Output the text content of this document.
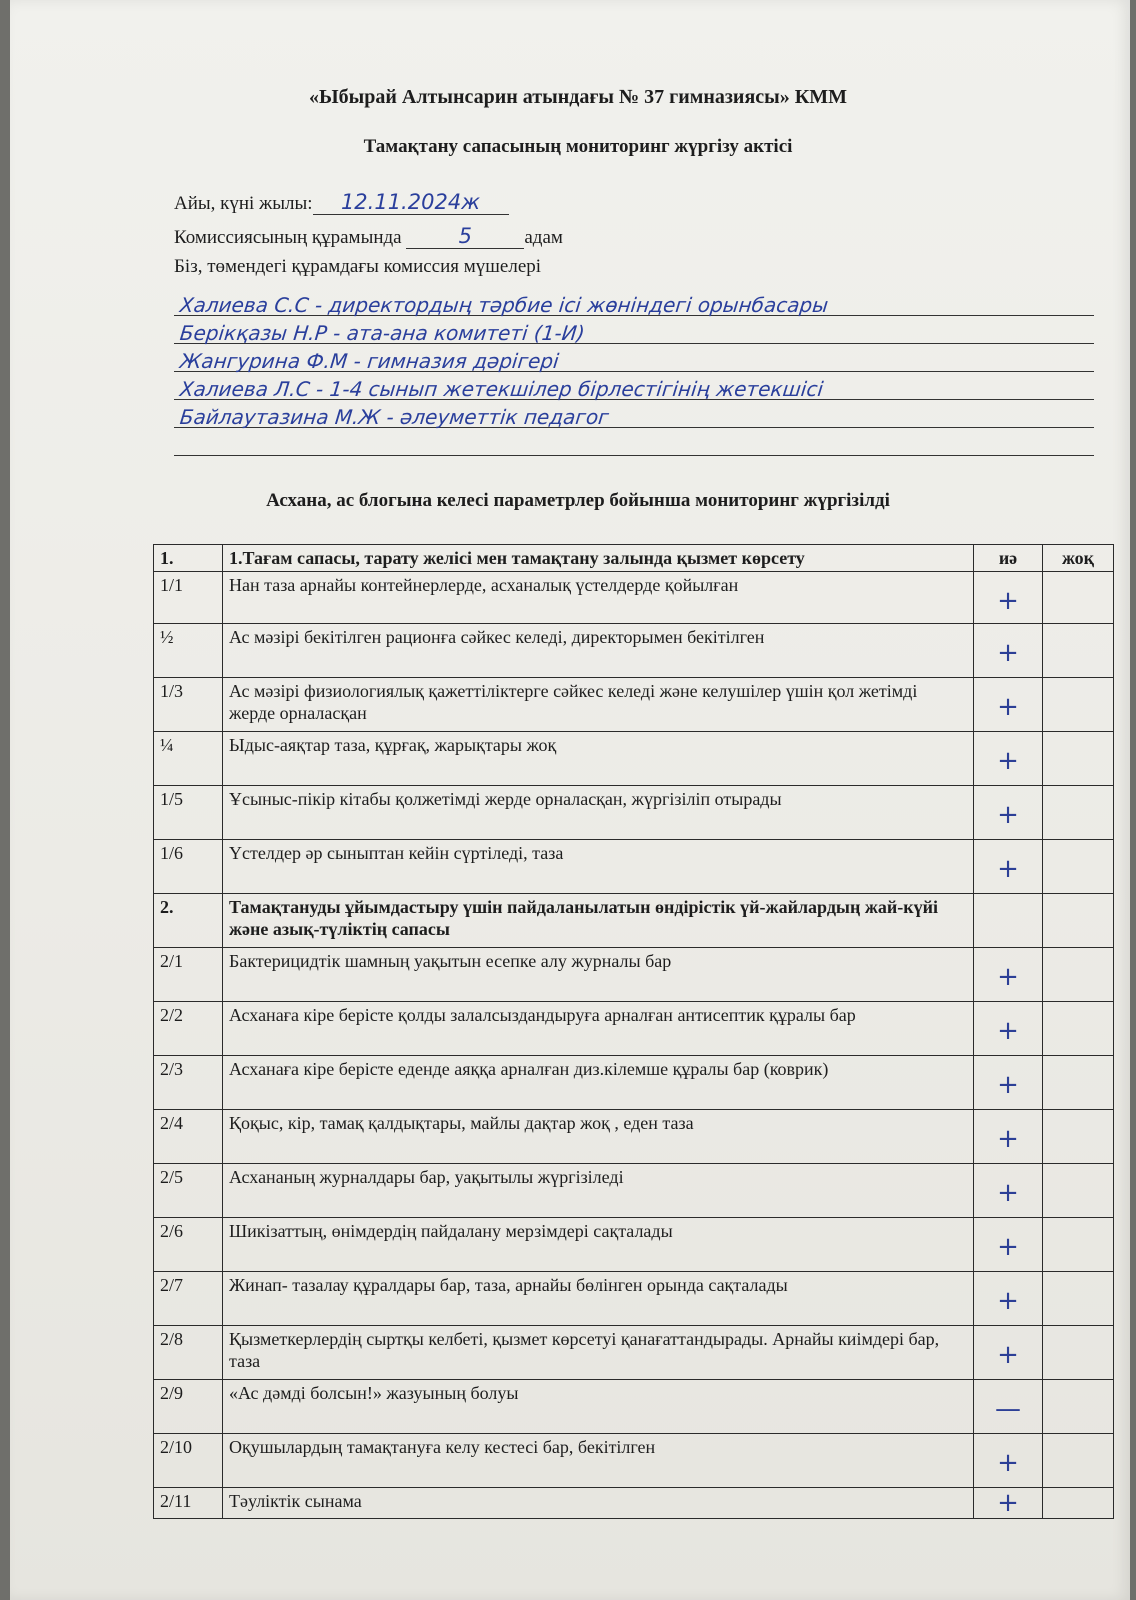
«Ыбырай Алтынсарин атындағы № 37 гимназиясы» КММ
Тамақтану сапасының мониторинг жүргізу актісі
Айы, күні жылы: 12.11.2024ж
Комиссиясының құрамында	5	адам
Біз, төмендегі құрамдағы комиссия мүшелері
Халиева С.С - директордың тәрбие ісі жөніндегі орынбасары
Берікқазы Н.Р - ата-ана комитеті (1-И)
Жангурина Ф.М - гимназия дәрігері
Халиева Л.С - 1-4 сынып жетекшілер бірлестігінің жетекшісі
Байлаутазина М.Ж - әлеуметтік педагог
Асхана, ас блогына келесі параметрлер бойынша мониторинг жүргізілді
1.	1.Тағам сапасы, тарату желісі мен тамақтану залында қызмет көрсету	иә	жоқ
1/1	Нан таза арнайы контейнерлерде, асханалық үстелдерде қойылған	+	

½	Ас мәзірі бекітілген рационға сәйкес келеді, директорымен бекітілген	+	

1/3	Ас мәзірі физиологиялық қажеттіліктерге сәйкес келеді және келушілер үшін қол жетімді жерде орналасқан	+	

¼	Ыдыс-аяқтар таза, құрғақ, жарықтары жоқ	+	

1/5	Ұсыныс-пікір кітабы қолжетімді жерде орналасқан, жүргізіліп отырады	+	

1/6	Үстелдер әр сыныптан кейін сүртіледі, таза	+	

2.	Тамақтануды ұйымдастыру үшін пайдаланылатын өндірістік үй-жайлардың жай-күйі және азық-түліктің сапасы		
2/1	Бактерицидтік шамның уақытын есепке алу журналы бар	+	

2/2	Асханаға кіре берісте қолды залалсыздандыруға арналған антисептик құралы бар	+	

2/3	Асханаға кіре берісте еденде аяққа арналған диз.кілемше құралы бар (коврик)	+	

2/4	Қоқыс, кір, тамақ қалдықтары, майлы дақтар жоқ , еден таза	+	

2/5	Асхананың журналдары бар, уақытылы жүргізіледі	+	

2/6	Шикізаттың, өнімдердің пайдалану мерзімдері сақталады	+	

2/7	Жинап- тазалау құралдары бар, таза, арнайы бөлінген орында сақталады	+	

2/8	Қызметкерлердің сыртқы келбеті, қызмет көрсетуі қанағаттандырады. Арнайы киімдері бар, таза	+	

2/9	«Ас дәмді болсын!» жазуының болуы	—	

2/10	Оқушылардың тамақтануға келу кестесі бар, бекітілген	+	

2/11	Тәуліктік сынама	+	
